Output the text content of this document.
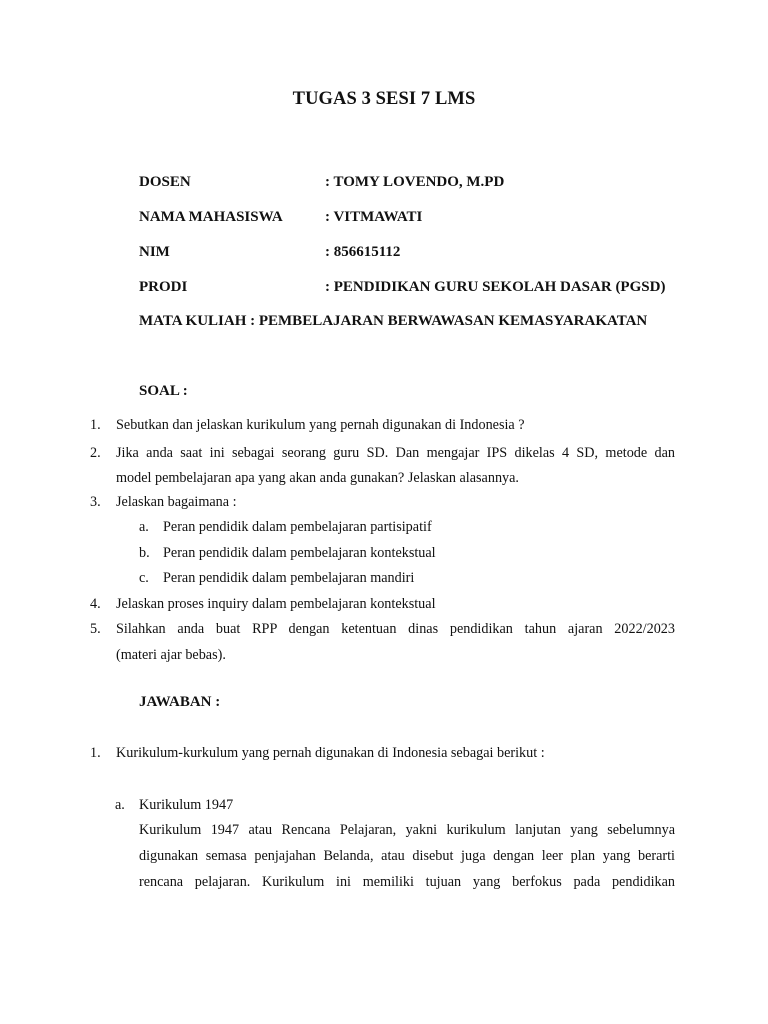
TUGAS 3 SESI 7 LMS
DOSEN	: TOMY LOVENDO, M.PD
NAMA MAHASISWA	: VITMAWATI
NIM	: 856615112
PRODI	: PENDIDIKAN GURU SEKOLAH DASAR (PGSD)
MATA KULIAH : PEMBELAJARAN BERWAWASAN KEMASYARAKATAN
SOAL :
1. Sebutkan dan jelaskan kurikulum yang pernah digunakan di Indonesia ?
2. Jika anda saat ini sebagai seorang guru SD. Dan mengajar IPS dikelas 4 SD, metode dan
model pembelajaran apa yang akan anda gunakan? Jelaskan alasannya.
3. Jelaskan bagaimana :
a. Peran pendidik dalam pembelajaran partisipatif
b. Peran pendidik dalam pembelajaran kontekstual
c. Peran pendidik dalam pembelajaran mandiri
4. Jelaskan proses inquiry dalam pembelajaran kontekstual
5. Silahkan anda buat RPP dengan ketentuan dinas pendidikan tahun ajaran 2022/2023
(materi ajar bebas).
JAWABAN :
1. Kurikulum-kurkulum yang pernah digunakan di Indonesia sebagai berikut :
a. Kurikulum 1947
Kurikulum 1947 atau Rencana Pelajaran, yakni kurikulum lanjutan yang sebelumnya
digunakan semasa penjajahan Belanda, atau disebut juga dengan leer plan yang berarti
rencana pelajaran. Kurikulum ini memiliki tujuan yang berfokus pada pendidikan
